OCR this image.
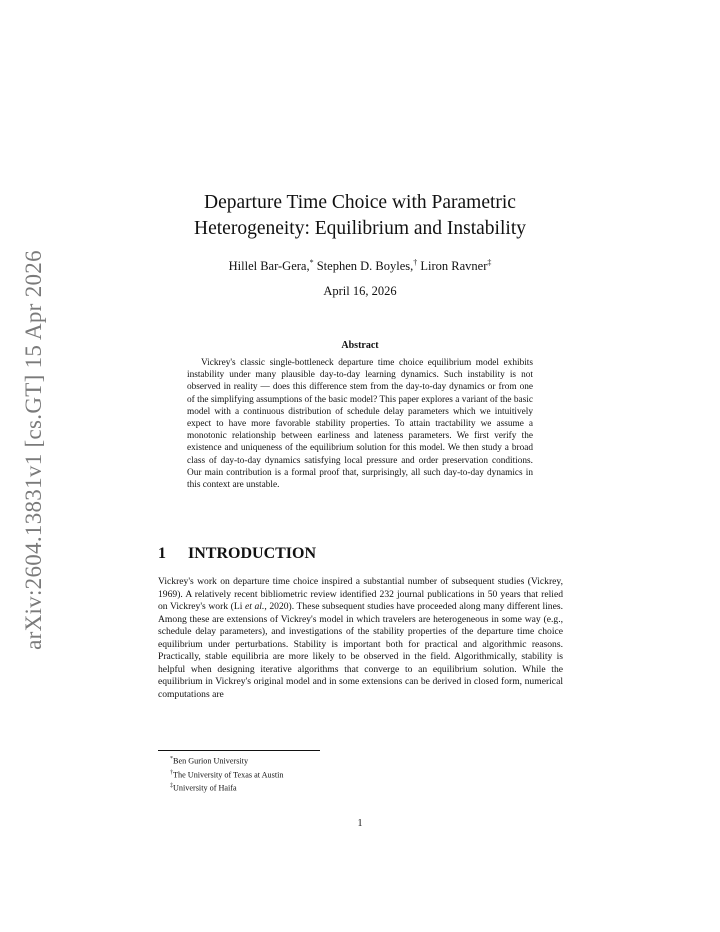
arXiv:2604.13831v1 [cs.GT] 15 Apr 2026
Departure Time Choice with Parametric
Heterogeneity: Equilibrium and Instability
Hillel Bar-Gera,* Stephen D. Boyles,† Liron Ravner‡
April 16, 2026
Abstract

Vickrey's classic single-bottleneck departure time choice equilibrium model exhibits instability under many plausible day-to-day learning dynamics. Such instability is not observed in reality — does this difference stem from the day-to-day dynamics or from one of the simplifying assumptions of the basic model? This paper explores a variant of the basic model with a continuous distribution of schedule delay parameters which we intuitively expect to have more favorable stability properties. To attain tractability we assume a monotonic relationship between earliness and lateness parameters. We first verify the existence and uniqueness of the equilibrium solution for this model. We then study a broad class of day-to-day dynamics satisfying local pressure and order preservation conditions. Our main contribution is a formal proof that, surprisingly, all such day-to-day dynamics in this context are unstable.

1 INTRODUCTION

Vickrey's work on departure time choice inspired a substantial number of subsequent studies (Vickrey, 1969). A relatively recent bibliometric review identified 232 journal publications in 50 years that relied on Vickrey's work (Li et al., 2020). These subsequent studies have proceeded along many different lines. Among these are extensions of Vickrey's model in which travelers are heterogeneous in some way (e.g., schedule delay parameters), and investigations of the stability properties of the departure time choice equilibrium under perturbations. Stability is important both for practical and algorithmic reasons. Practically, stable equilibria are more likely to be observed in the field. Algorithmically, stability is helpful when designing iterative algorithms that converge to an equilibrium solution. While the equilibrium in Vickrey's original model and in some extensions can be derived in closed form, numerical computations are

*Ben Gurion University
†The University of Texas at Austin
‡University of Haifa
1
